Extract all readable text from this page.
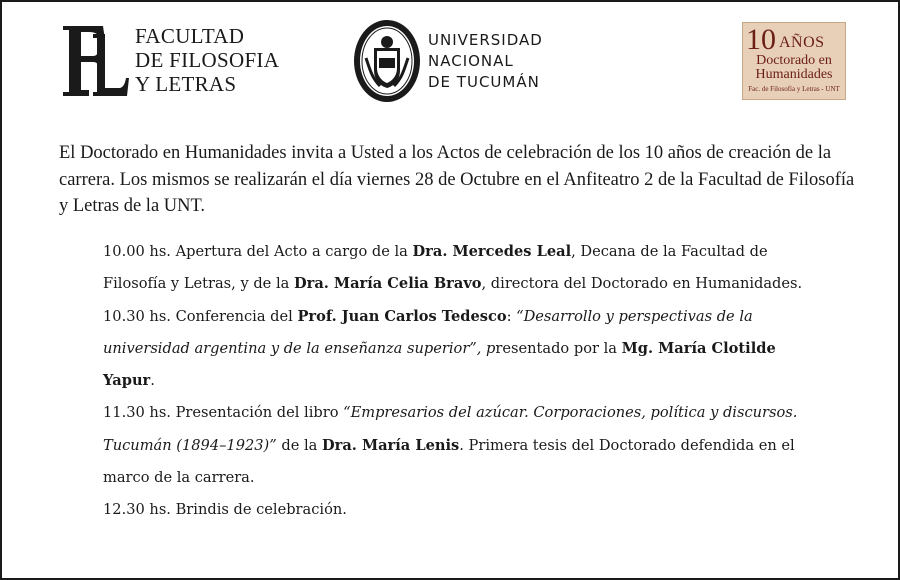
FACULTAD
DE FILOSOFIA
Y LETRAS
UNIVERSIDAD
NACIONAL
DE TUCUMÁN
10 AÑOS
Doctorado en
Humanidades
Fac. de Filosofía y Letras - UNT
El Doctorado en Humanidades invita a Usted a los Actos de celebración de los 10 años de creación de la carrera. Los mismos se realizarán el día viernes 28 de Octubre en el Anfiteatro 2 de la Facultad de Filosofía y Letras de la UNT.
10.00 hs. Apertura del Acto a cargo de la Dra. Mercedes Leal, Decana de la Facultad de Filosofía y Letras, y de la Dra. María Celia Bravo, directora del Doctorado en Humanidades.
10.30 hs. Conferencia del Prof. Juan Carlos Tedesco: “Desarrollo y perspectivas de la universidad argentina y de la enseñanza superior”, presentado por la Mg. María Clotilde Yapur.
11.30 hs. Presentación del libro “Empresarios del azúcar. Corporaciones, política y discursos. Tucumán (1894–1923)” de la Dra. María Lenis. Primera tesis del Doctorado defendida en el marco de la carrera.
12.30 hs. Brindis de celebración.
